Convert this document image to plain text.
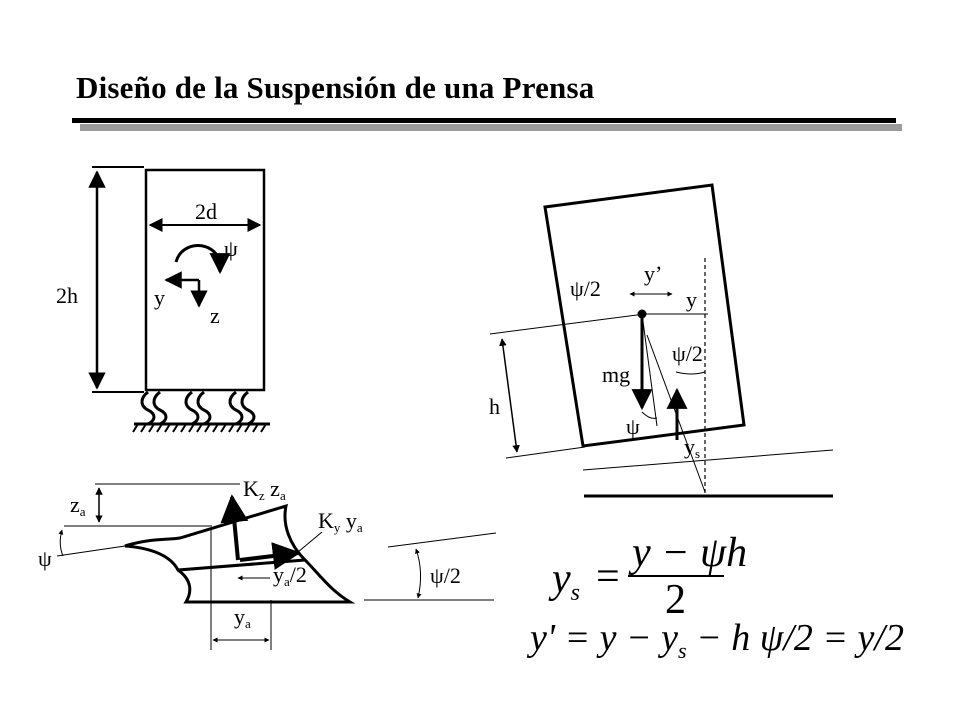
Diseño de la Suspensión de una Prensa
2h
2d
ψ
y
z
h
mg
y’
y
ψ/2
ψ/2
ψ
ys
za
ψ
Kz za
Ky ya
ya/2
ya
ψ/2 ys =
y − ψh
2
$y' = y - y_s - h$ ψ/2 = y/2
